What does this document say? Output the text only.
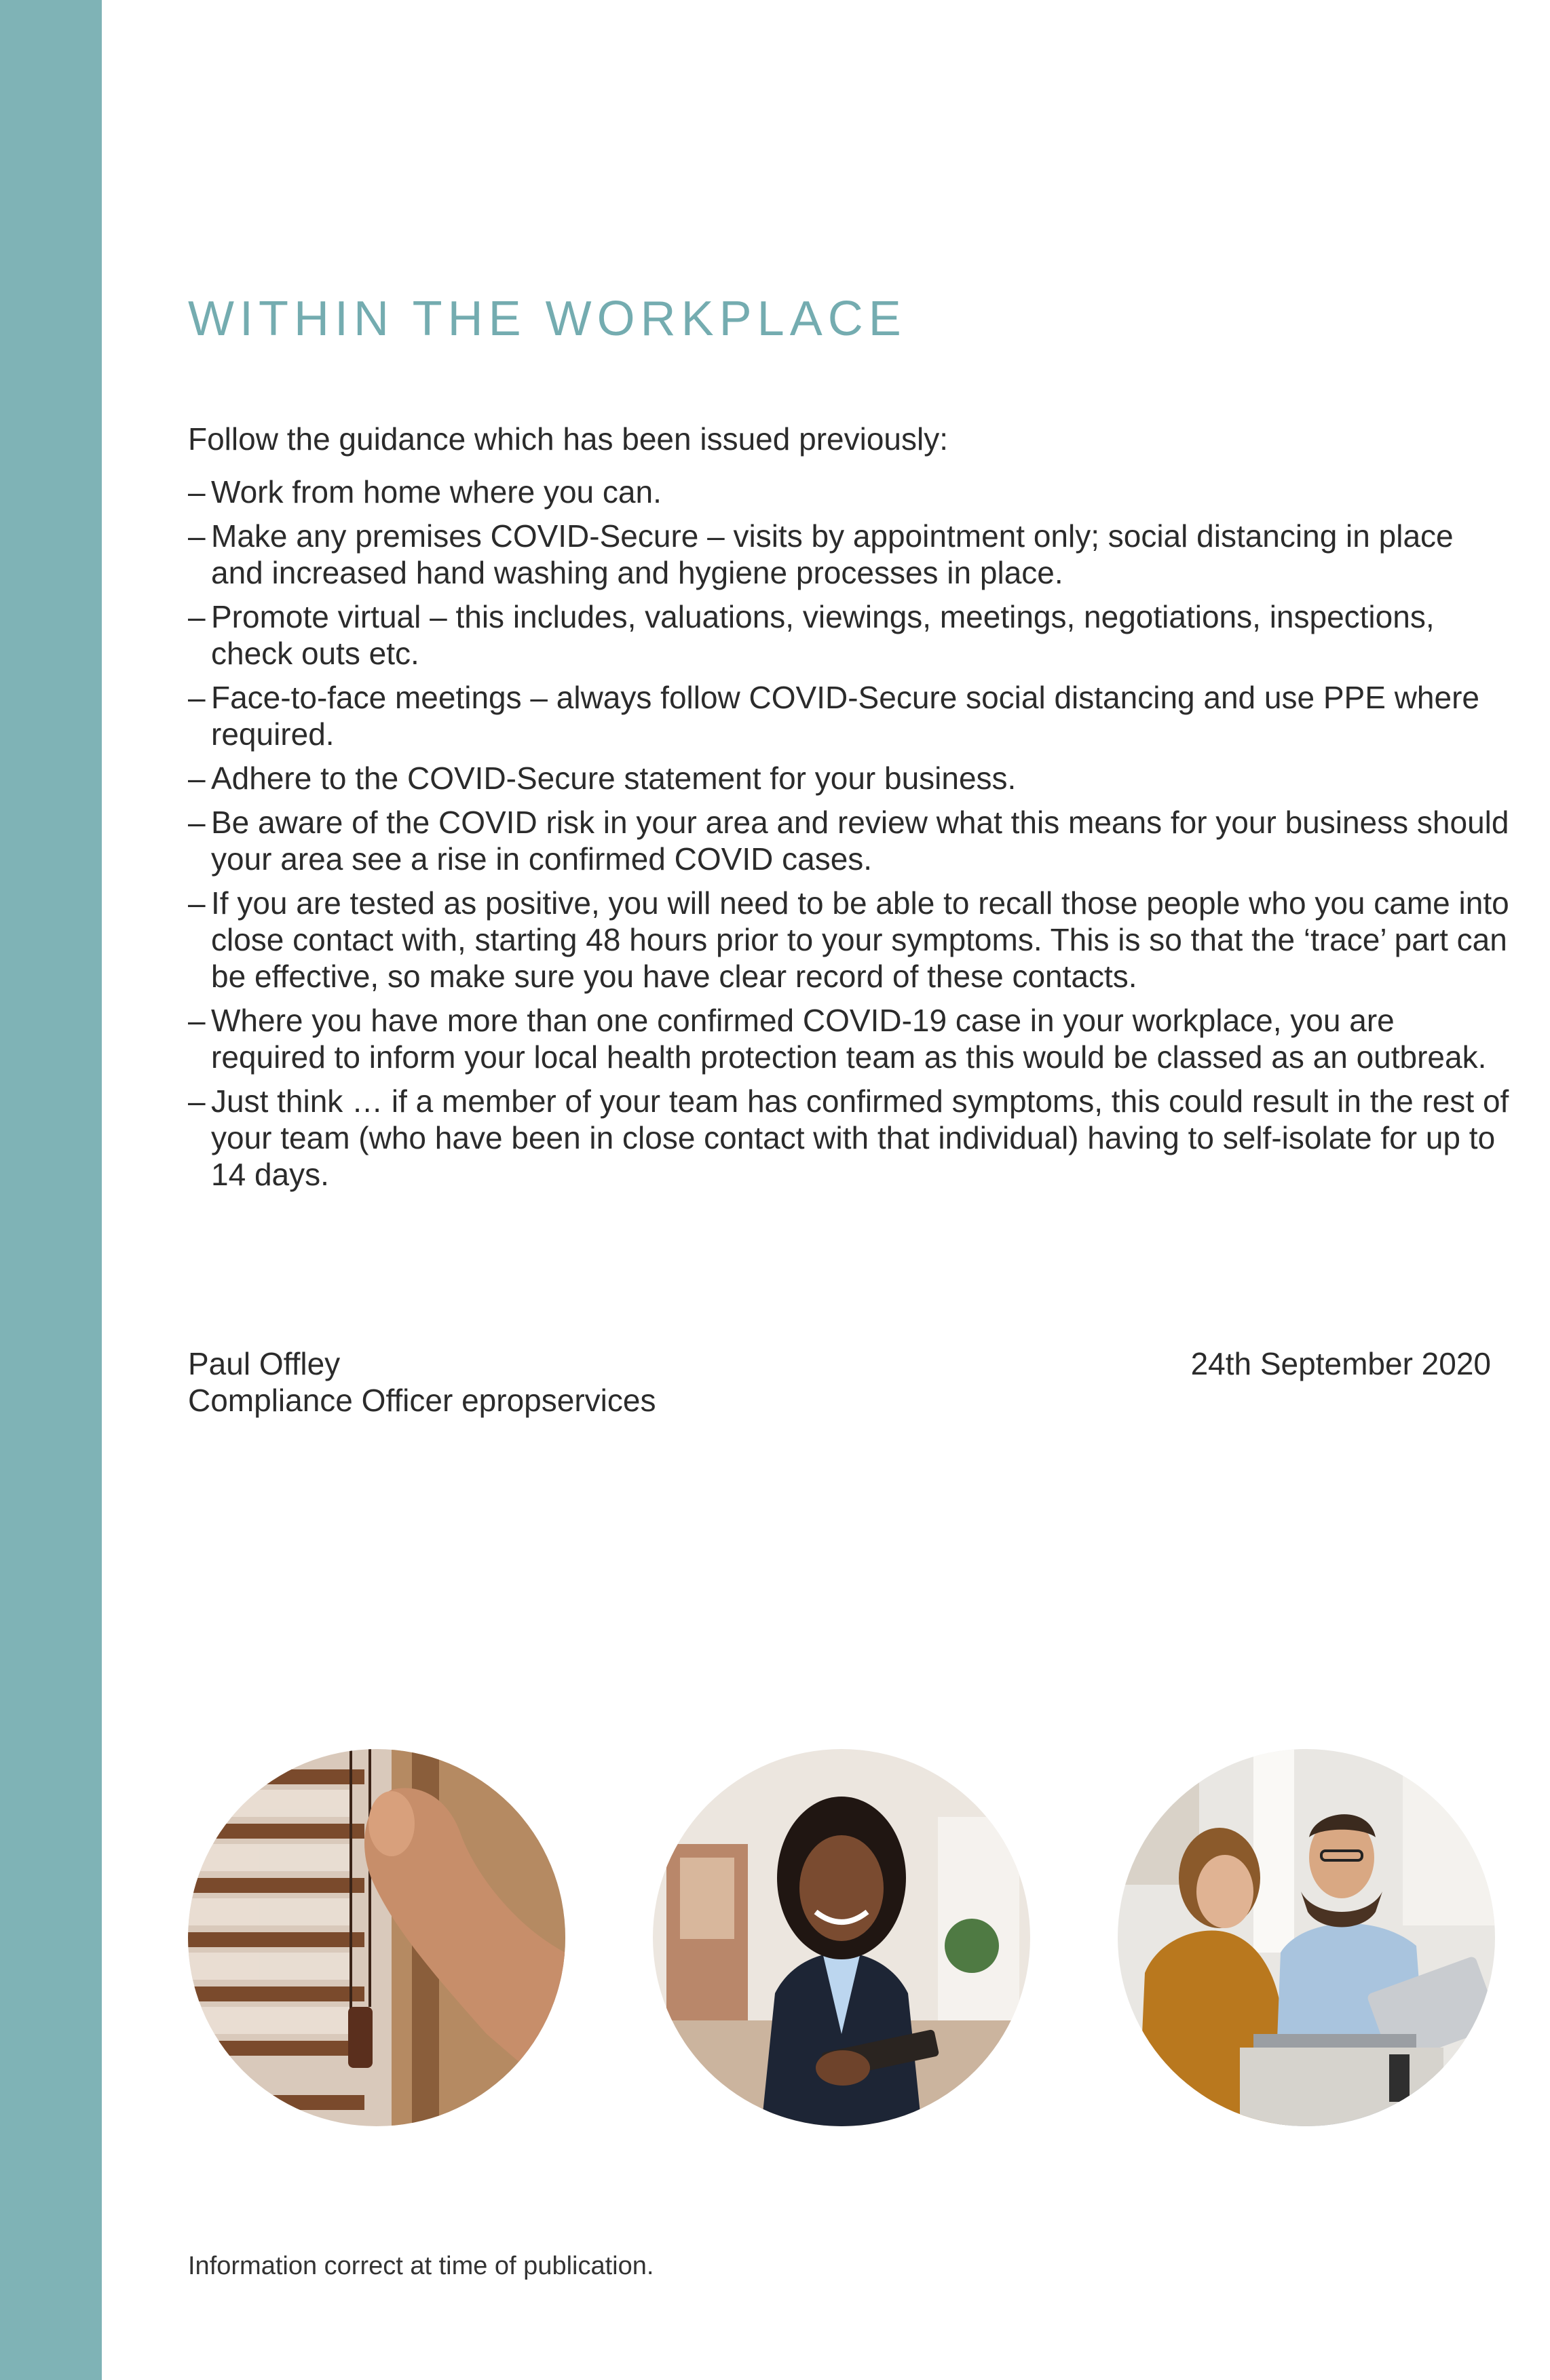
WITHIN THE WORKPLACE

Follow the guidance which has been issued previously:

– Work from home where you can.
– Make any premises COVID-Secure – visits by appointment only; social distancing in place and increased hand washing and hygiene processes in place.
– Promote virtual – this includes, valuations, viewings, meetings, negotiations, inspections, check outs etc.
– Face-to-face meetings – always follow COVID-Secure social distancing and use PPE where required.
– Adhere to the COVID-Secure statement for your business.
– Be aware of the COVID risk in your area and review what this means for your business should your area see a rise in confirmed COVID cases.
– If you are tested as positive, you will need to be able to recall those people who you came into close contact with, starting 48 hours prior to your symptoms. This is so that the ‘trace’ part can be effective, so make sure you have clear record of these contacts.
– Where you have more than one confirmed COVID-19 case in your workplace, you are required to inform your local health protection team as this would be classed as an outbreak.
– Just think … if a member of your team has confirmed symptoms, this could result in the rest of your team (who have been in close contact with that individual) having to self-isolate for up to 14 days.
Paul Offley
Compliance Officer epropservices
24th September 2020
Information correct at time of publication.
